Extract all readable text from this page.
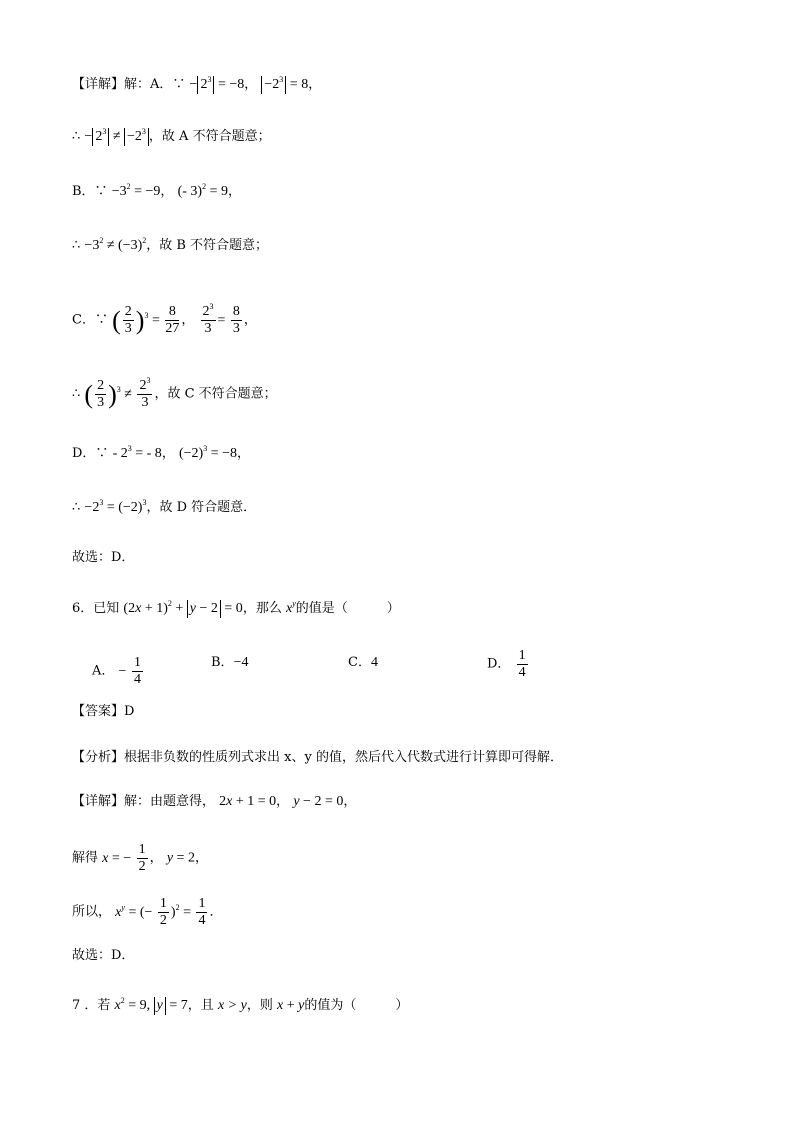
【详解】解：A．∵ − $2^3 = -8$， $-2^3 = 8$，
∴ − $2^3 \ne -2^3$ ，故 A 不符合题意；
B．∵ $-3^2 = -9$， (- 3)$^2$ = 9，
∴ $-3^2 \ne (-3)^2$，故 B 不符合题意；
C．∵ ( $\frac{2}{3} )^3 = \frac{8}{27}$ ， $\frac{2^3}{3} = \frac{8}{3}$ ，
∴ ( $\frac{2}{3} )^3 \ne \frac{2^3}{3}$ ，故 C 不符合题意；
D．∵ - $2^3$ = - 8， $(-2)^3 = -8$，
∴ $-2^3 = (-2)^3$，故 D 符合题意．
故选：D．
6．已知 $(2x + 1)^2 + y - 2 = 0$，那么 $x^y$的值是（　　　）
A． − $\frac{1}{4}$	B．−4	C．4	D． $\frac{1}{4}$
【答案】D
【分析】根据非负数的性质列式求出 x、y 的值，然后代入代数式进行计算即可得解．
【详解】解：由题意得， 2x + 1 = 0， y − 2 = 0，
解得 x = − $\frac{1}{2}$ ， y = 2，
所以， $x^y$ = (− $\frac{1}{2} )^2 = \frac{1}{4}$ ．
故选：D．
7 ．若 $x^2 = 9$, y = 7，且 x > y，则 x + y的值为（　　　）
